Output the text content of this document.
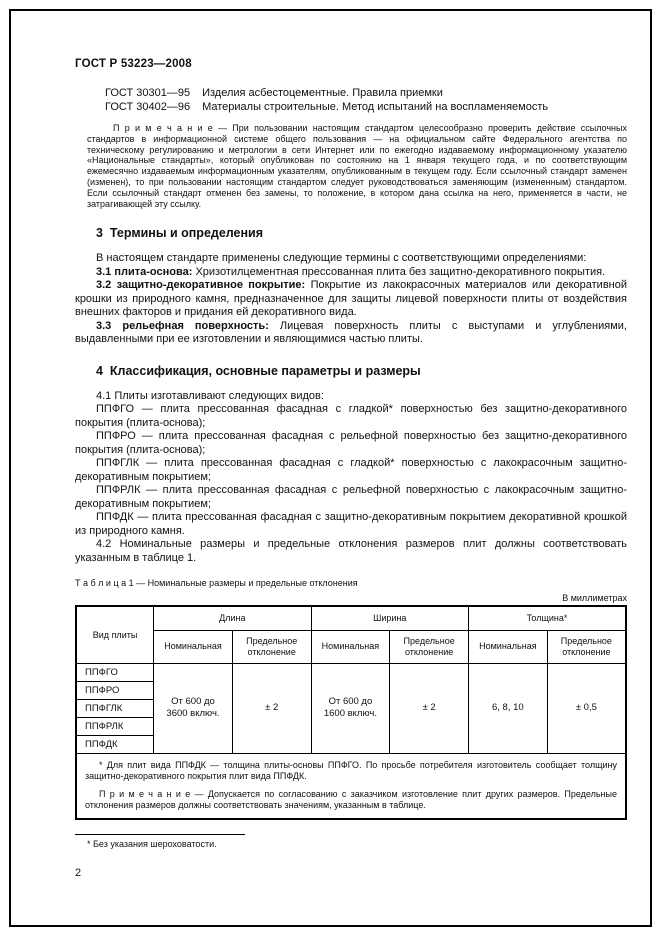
ГОСТ Р 53223—2008
ГОСТ 30301—95 Изделия асбестоцементные. Правила приемки
ГОСТ 30402—96 Материалы строительные. Метод испытаний на воспламеняемость

П р и м е ч а н и е — При пользовании настоящим стандартом целесообразно проверить действие ссылочных стандартов в информационной системе общего пользования — на официальном сайте Федерального агентства по техническому регулированию и метрологии в сети Интернет или по ежегодно издаваемому информационному указателю «Национальные стандарты», который опубликован по состоянию на 1 января текущего года, и по соответствующим ежемесячно издаваемым информационным указателям, опубликованным в текущем году. Если ссылочный стандарт заменен (изменен), то при пользовании настоящим стандартом следует руководствоваться заменяющим (измененным) стандартом. Если ссылочный стандарт отменен без замены, то положение, в котором дана ссылка на него, применяется в части, не затрагивающей эту ссылку.

3  Термины и определения

В настоящем стандарте применены следующие термины с соответствующими определениями:

3.1 плита-основа: Хризотилцементная прессованная плита без защитно-декоративного покрытия.

3.2 защитно-декоративное покрытие: Покрытие из лакокрасочных материалов или декоративной крошки из природного камня, предназначенное для защиты лицевой поверхности плиты от воздействия внешних факторов и придания ей декоративного вида.

3.3 рельефная поверхность: Лицевая поверхность плиты с выступами и углублениями, выдавленными при ее изготовлении и являющимися частью плиты.

4  Классификация, основные параметры и размеры

4.1 Плиты изготавливают следующих видов:

ППФГО — плита прессованная фасадная с гладкой* поверхностью без защитно-декоративного покрытия (плита-основа);

ППФРО — плита прессованная фасадная с рельефной поверхностью без защитно-декоративного покрытия (плита-основа);

ППФГЛК — плита прессованная фасадная с гладкой* поверхностью с лакокрасочным защитно-декоративным покрытием;

ППФРЛК — плита прессованная фасадная с рельефной поверхностью с лакокрасочным защитно-декоративным покрытием;

ППФДК — плита прессованная фасадная с защитно-декоративным покрытием декоративной крошкой из природного камня.

4.2 Номинальные размеры и предельные отклонения размеров плит должны соответствовать указанным в таблице 1.

Т а б л и ц а 1 — Номинальные размеры и предельные отклонения
В миллиметрах
Вид плиты	Длина		Ширина		Толщина*	
	Номинальная	Предельное отклонение	Номинальная	Предельное отклонение	Номинальная	Предельное отклонение
ППФГО	От 600 до 3600 включ.	± 2	От 600 до 1600 включ.	± 2	6, 8, 10	± 0,5
ППФРО						
ППФГЛК						
ППФРЛК						
ППФДК						
* Для плит вида ППФДК — толщина плиты-основы ППФГО. По просьбе потребителя изготовитель сообщает толщину защитно-декоративного покрытия плит вида ППФДК.						
П р и м е ч а н и е — Допускается по согласованию с заказчиком изготовление плит других размеров. Предельные отклонения размеров должны соответствовать значениям, указанным в таблице.						
* Без указания шероховатости.
2
